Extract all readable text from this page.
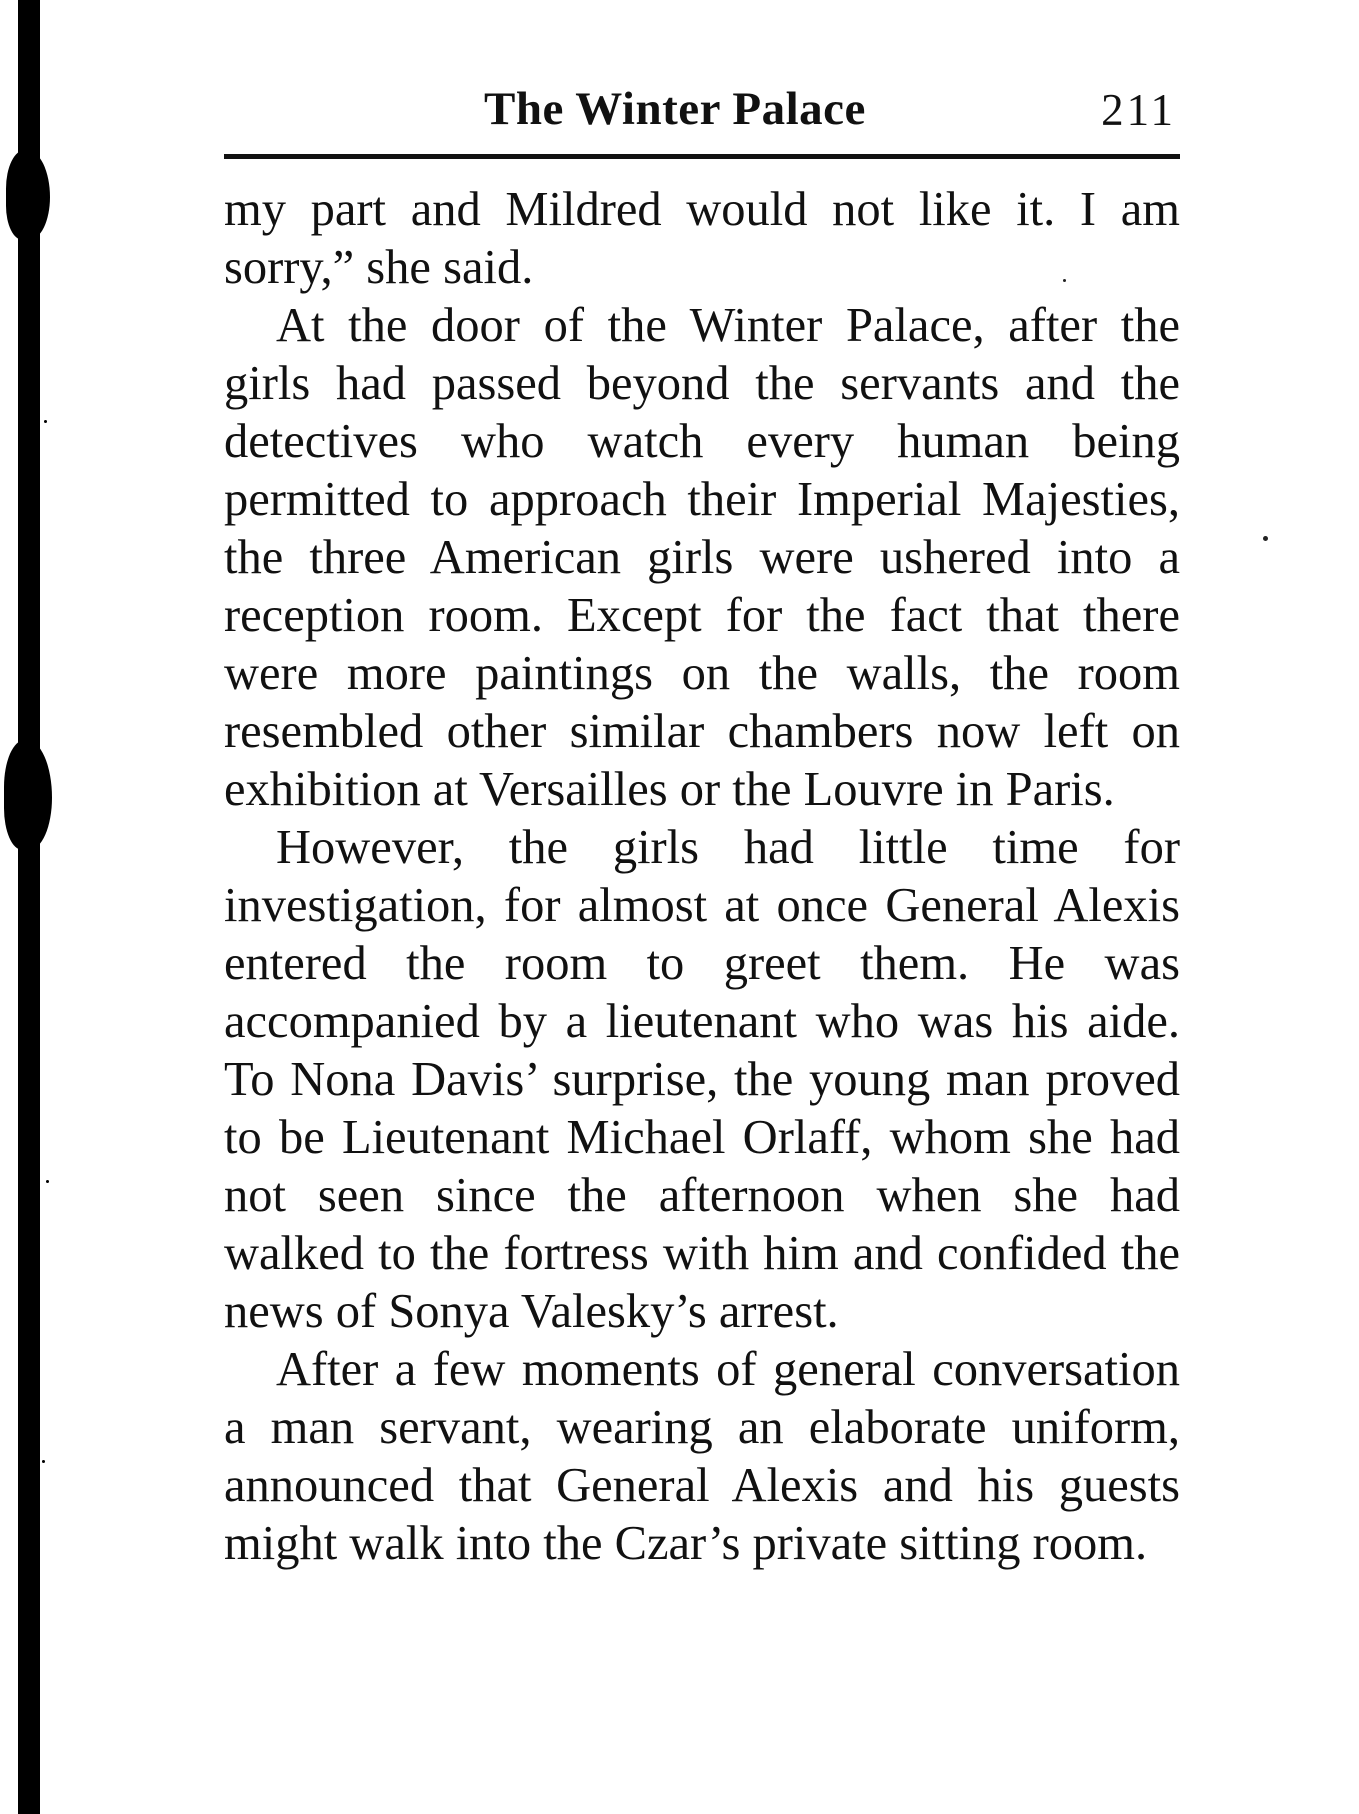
The Winter Palace	211

my part and Mildred would not like it. I am sorry,” she said.

At the door of the Winter Palace, after the girls had passed beyond the servants and the detectives who watch every human being permitted to approach their Imperial Majesties, the three American girls were ushered into a reception room. Except for the fact that there were more paintings on the walls, the room resembled other similar chambers now left on exhibition at Versailles or the Louvre in Paris.

However, the girls had little time for investigation, for almost at once General Alexis entered the room to greet them. He was accompanied by a lieutenant who was his aide. To Nona Davis’ surprise, the young man proved to be Lieutenant Michael Orlaff, whom she had not seen since the afternoon when she had walked to the fortress with him and confided the news of Sonya Valesky’s arrest.

After a few moments of general conversation a man servant, wearing an elaborate uniform, announced that General Alexis and his guests might walk into the Czar’s private sitting room.
